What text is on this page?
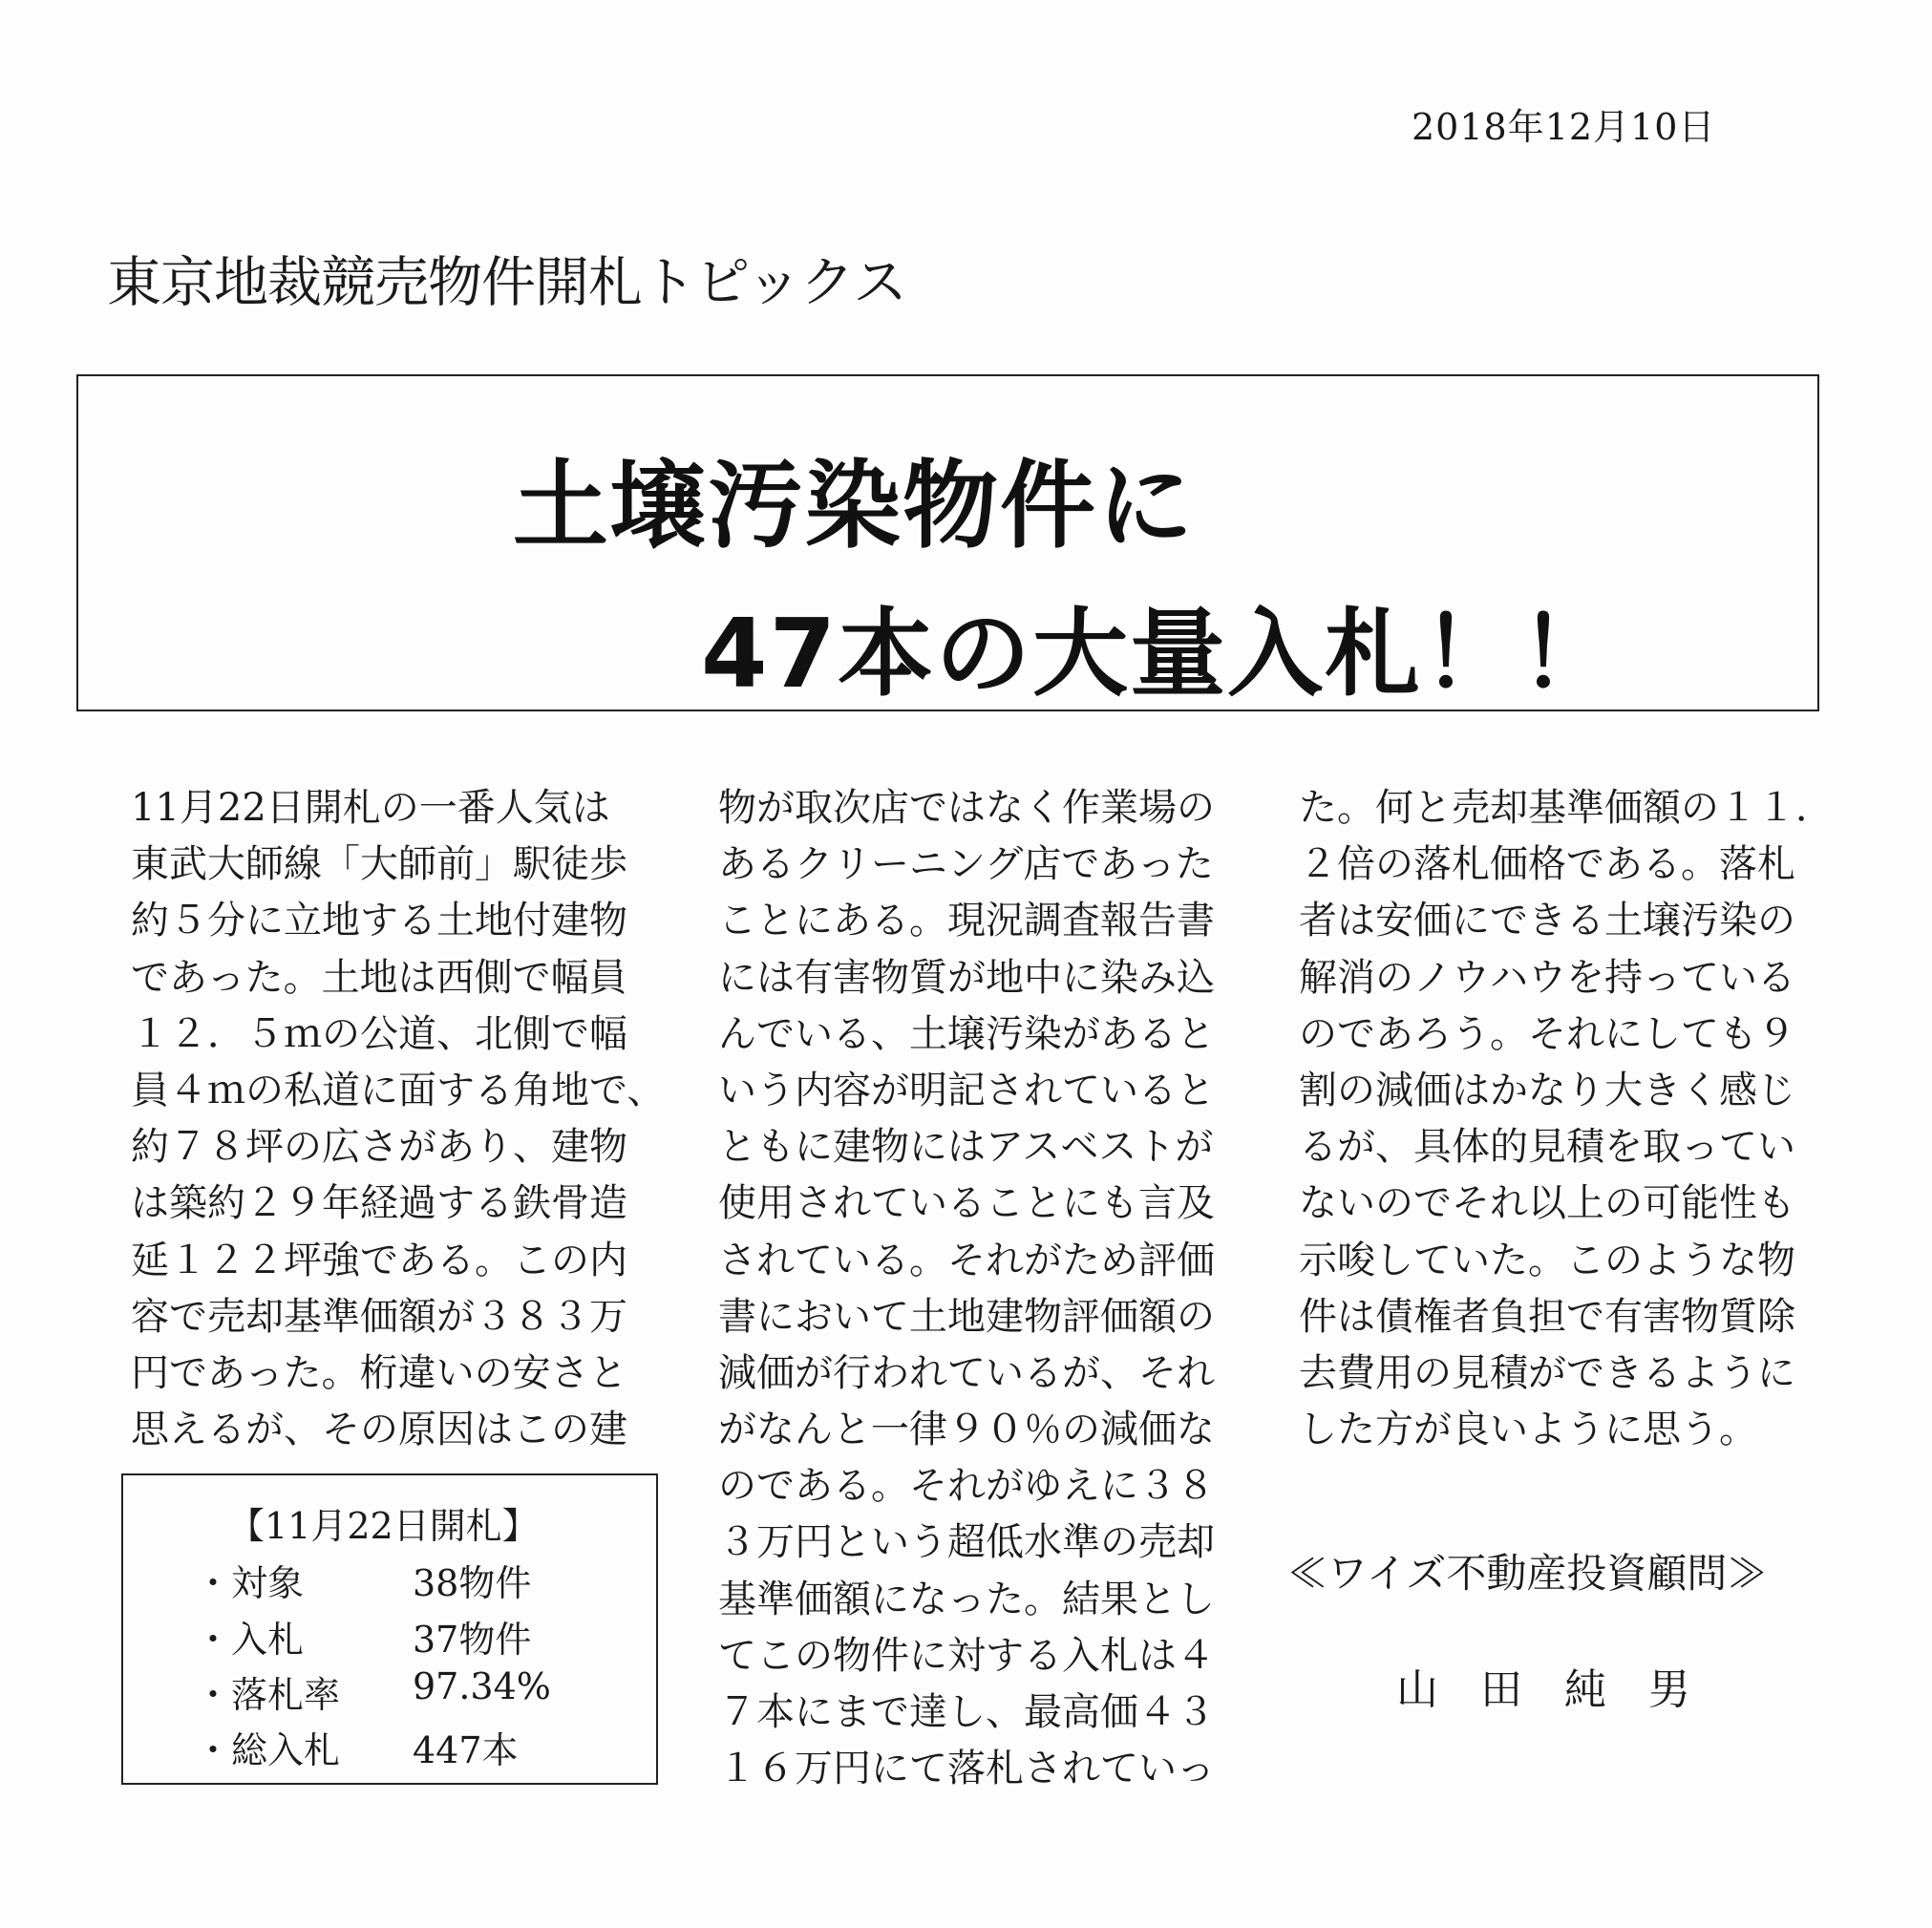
2018年12月10日
東京地裁競売物件開札トピックス
土壌汚染物件に
47本の大量入札！！
11月22日開札の一番人気は
東武大師線「大師前」駅徒歩
約５分に立地する土地付建物
であった。土地は西側で幅員
１２．５ｍの公道、北側で幅
員４ｍの私道に面する角地で、
約７８坪の広さがあり、建物
は築約２９年経過する鉄骨造
延１２２坪強である。この内
容で売却基準価額が３８３万
円であった。桁違いの安さと
思えるが、その原因はこの建
物が取次店ではなく作業場の
あるクリーニング店であった
ことにある。現況調査報告書
には有害物質が地中に染み込
んでいる、土壌汚染があると
いう内容が明記されていると
ともに建物にはアスベストが
使用されていることにも言及
されている。それがため評価
書において土地建物評価額の
減価が行われているが、それ
がなんと一律９０％の減価な
のである。それがゆえに３８
３万円という超低水準の売却
基準価額になった。結果とし
てこの物件に対する入札は４
７本にまで達し、最高価４３
１６万円にて落札されていっ
た。何と売却基準価額の１１．
２倍の落札価格である。落札
者は安価にできる土壌汚染の
解消のノウハウを持っている
のであろう。それにしても９
割の減価はかなり大きく感じ
るが、具体的見積を取ってい
ないのでそれ以上の可能性も
示唆していた。このような物
件は債権者負担で有害物質除
去費用の見積ができるように
した方が良いように思う。
【11月22日開札】
・対象	38物件
・入札	37物件
・落札率 97.34%
・総入札 447本
≪ワイズ不動産投資顧問≫
山　田　純　男
